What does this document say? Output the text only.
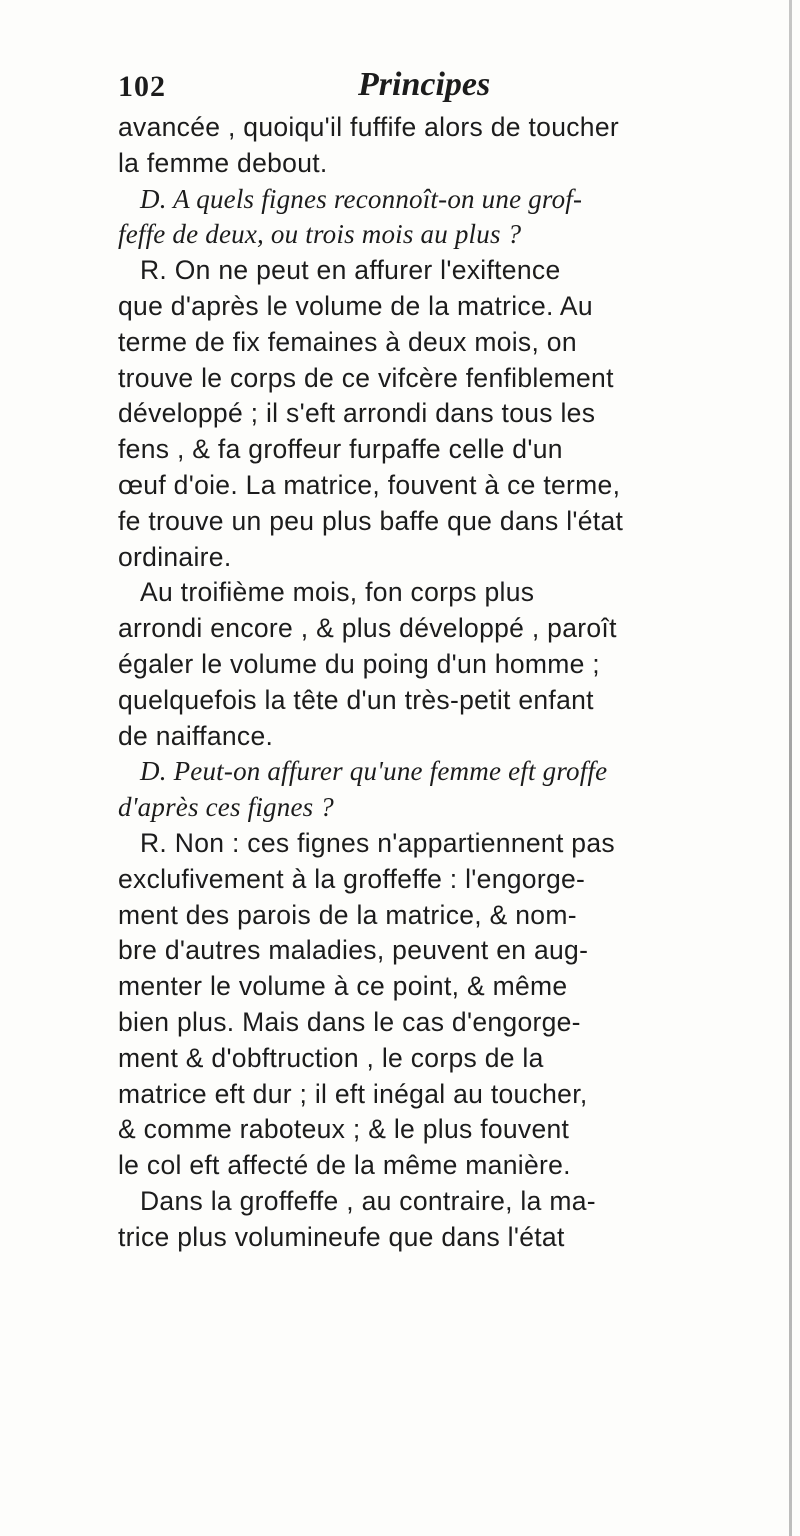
102	Principes
avancée , quoiqu'il fuffife alors de toucher
la femme debout.
D. A quels fignes reconnoît-on une grof-
feffe de deux, ou trois mois au plus ?
R. On ne peut en affurer l'exiftence
que d'après le volume de la matrice. Au
terme de fix femaines à deux mois, on
trouve le corps de ce vifcère fenfiblement
développé ; il s'eft arrondi dans tous les
fens , & fa groffeur furpaffe celle d'un
œuf d'oie. La matrice, fouvent à ce terme,
fe trouve un peu plus baffe que dans l'état
ordinaire.
Au troifième mois, fon corps plus
arrondi encore , & plus développé , paroît
égaler le volume du poing d'un homme ;
quelquefois la tête d'un très-petit enfant
de naiffance.
D. Peut-on affurer qu'une femme eft groffe
d'après ces fignes ?
R. Non : ces fignes n'appartiennent pas
exclufivement à la groffeffe : l'engorge-
ment des parois de la matrice, & nom-
bre d'autres maladies, peuvent en aug-
menter le volume à ce point, & même
bien plus. Mais dans le cas d'engorge-
ment & d'obftruction , le corps de la
matrice eft dur ; il eft inégal au toucher,
& comme raboteux ; & le plus fouvent
le col eft affecté de la même manière.
Dans la groffeffe , au contraire, la ma-
trice plus volumineufe que dans l'état
